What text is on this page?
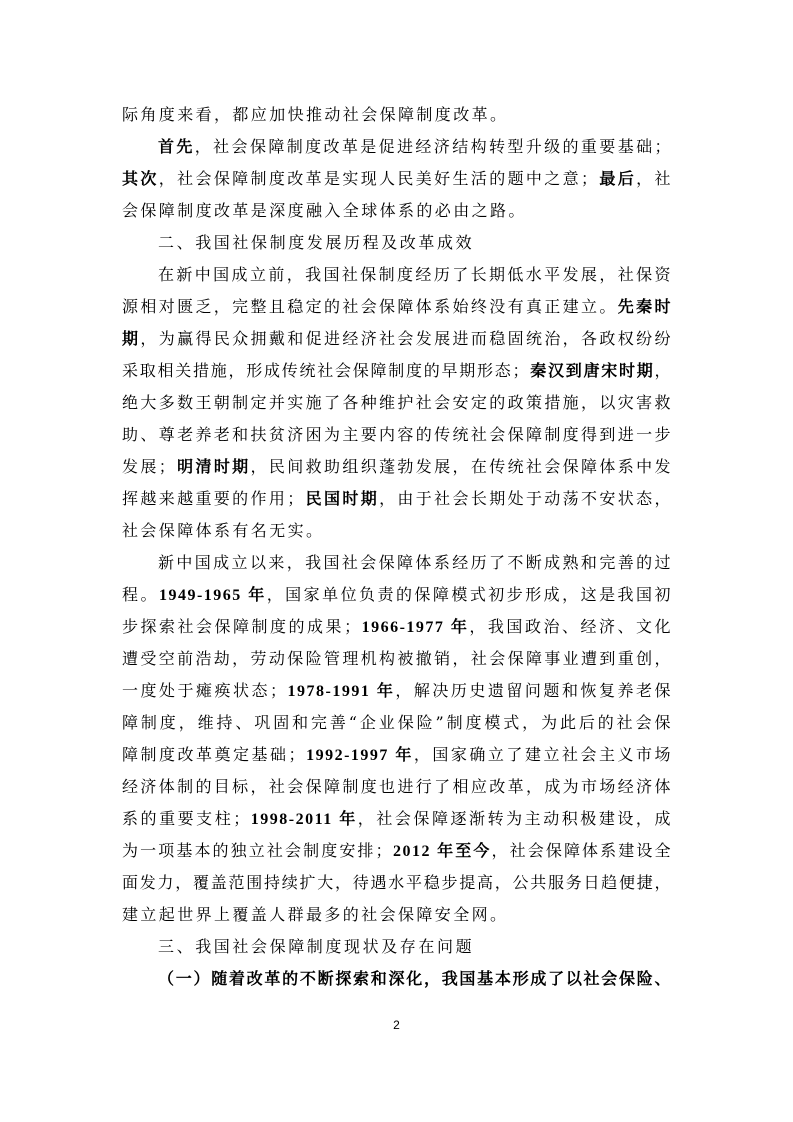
际角度来看，都应加快推动社会保障制度改革。
首先，社会保障制度改革是促进经济结构转型升级的重要基础；
其次，社会保障制度改革是实现人民美好生活的题中之意；最后，社
会保障制度改革是深度融入全球体系的必由之路。
二、我国社保制度发展历程及改革成效
在新中国成立前，我国社保制度经历了长期低水平发展，社保资
源相对匮乏，完整且稳定的社会保障体系始终没有真正建立。先秦时
期，为赢得民众拥戴和促进经济社会发展进而稳固统治，各政权纷纷
采取相关措施，形成传统社会保障制度的早期形态；秦汉到唐宋时期，
绝大多数王朝制定并实施了各种维护社会安定的政策措施，以灾害救
助、尊老养老和扶贫济困为主要内容的传统社会保障制度得到进一步
发展；明清时期，民间救助组织蓬勃发展，在传统社会保障体系中发
挥越来越重要的作用；民国时期，由于社会长期处于动荡不安状态，
社会保障体系有名无实。
新中国成立以来，我国社会保障体系经历了不断成熟和完善的过
程。1949-1965 年，国家单位负责的保障模式初步形成，这是我国初
步探索社会保障制度的成果；1966-1977 年，我国政治、经济、文化
遭受空前浩劫，劳动保险管理机构被撤销，社会保障事业遭到重创，
一度处于瘫痪状态；1978-1991 年，解决历史遗留问题和恢复养老保
障制度，维持、巩固和完善“企业保险”制度模式，为此后的社会保
障制度改革奠定基础；1992-1997 年，国家确立了建立社会主义市场
经济体制的目标，社会保障制度也进行了相应改革，成为市场经济体
系的重要支柱；1998-2011 年，社会保障逐渐转为主动积极建设，成
为一项基本的独立社会制度安排；2012 年至今，社会保障体系建设全
面发力，覆盖范围持续扩大，待遇水平稳步提高，公共服务日趋便捷，
建立起世界上覆盖人群最多的社会保障安全网。
三、我国社会保障制度现状及存在问题
（一）随着改革的不断探索和深化，我国基本形成了以社会保险、
2
